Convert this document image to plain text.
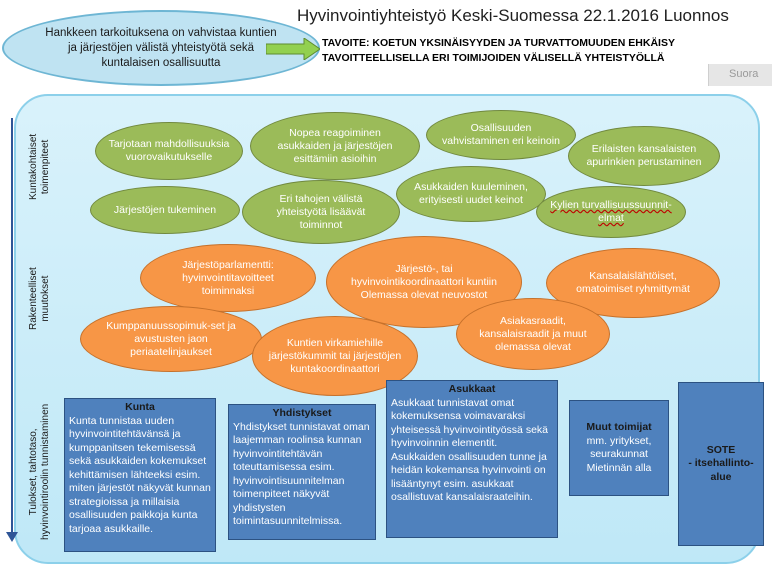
Hyvinvointiyhteistyö Keski-Suomessa 22.1.2016 Luonnos
Hankkeen tarkoituksena on vahvistaa kuntien ja järjestöjen välistä yhteistyötä sekä kuntalaisen osallisuutta
TAVOITE: KOETUN YKSINÄISYYDEN JA TURVATTOMUUDEN EHKÄISY
TAVOITTEELLISELLA ERI TOIMIJOIDEN VÄLISELLÄ YHTEISTYÖLLÄ
Suora
Kuntakohtaiset toimenpiteet
Rakenteelliset muutokset
Tulokset, tahtotaso, hyvinvointiroolin tunnistaminen
Tarjotaan mahdollisuuksia vuorovaikutukselle
Nopea reagoiminen asukkaiden ja järjestöjen esittämiin asioihin
Osallisuuden vahvistaminen eri keinoin
Erilaisten kansalaisten apurinkien perustaminen
Järjestöjen tukeminen
Eri tahojen välistä yhteistyötä lisäävät toiminnot
Asukkaiden kuuleminen, erityisesti uudet keinot	Kylien turvallisuussuunnit-elmat
Järjestöparlamentti: hyvinvointitavoitteet toiminnaksi
Järjestö-, tai hyvinvointikoordinaattori kuntiin Olemassa olevat neuvostot
Kansalaislähtöiset, omatoimiset ryhmittymät
Kumppanuussopimuk-set ja avustusten jaon periaatelinjaukset
Kuntien virkamiehille järjestökummit tai järjestöjen kuntakoordinaattori
Asiakasraadit, kansalaisraadit ja muut olemassa olevat
Kunta
Kunta tunnistaa uuden hyvinvointitehtävänsä ja kumppanitsen tekemisessä sekä asukkaiden kokemukset kehittämisen lähteeksi esim. miten järjestöt näkyvät kunnan strategioissa ja millaisia osallisuuden paikkoja kunta tarjoaa asukkaille.
Yhdistykset
Yhdistykset tunnistavat oman laajemman roolinsa kunnan hyvinvointitehtävän toteuttamisessa esim. hyvinvointisuunnitelman toimenpiteet näkyvät yhdistysten toimintasuunnitelmissa.
Asukkaat
Asukkaat tunnistavat omat kokemuksensa voimavaraksi yhteisessä hyvinvointityössä sekä hyvinvoinnin elementit. Asukkaiden osallisuuden tunne ja heidän kokemansa hyvinvointi on lisääntynyt esim. asukkaat osallistuvat kansalaisraateihin.
Muut toimijat
mm. yritykset, seurakunnat Mietinnän alla
SOTE
- itsehallinto-alue
